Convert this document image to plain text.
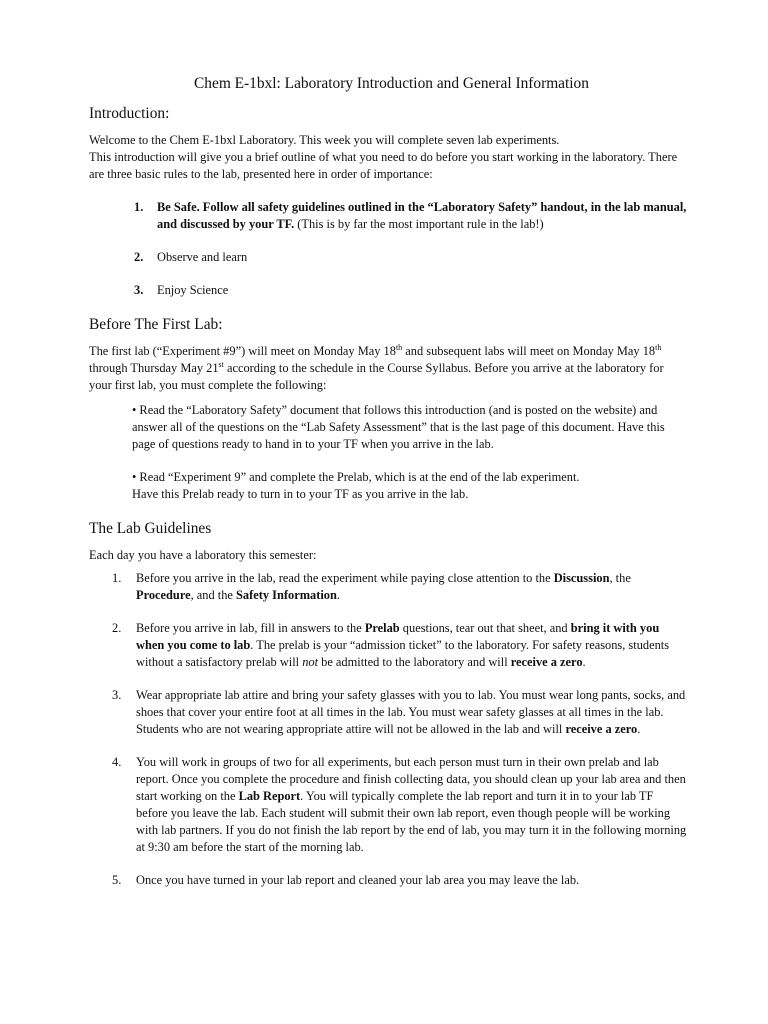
Chem E-1bxl: Laboratory Introduction and General Information
Introduction:

Welcome to the Chem E-1bxl Laboratory. This week you will complete seven lab experiments.

This introduction will give you a brief outline of what you need to do before you start working in the laboratory. There are three basic rules to the lab, presented here in order of importance:

1.	Be Safe. Follow all safety guidelines outlined in the “Laboratory Safety” handout, in the lab manual, and discussed by your TF. (This is by far the most important rule in the lab!)
2.	Observe and learn
3.	Enjoy Science
Before The First Lab:

The first lab (“Experiment #9”) will meet on Monday May 18th and subsequent labs will meet on Monday May 18th through Thursday May 21st according to the schedule in the Course Syllabus. Before you arrive at the laboratory for your first lab, you must complete the following:

• Read the “Laboratory Safety” document that follows this introduction (and is posted on the website) and answer all of the questions on the “Lab Safety Assessment” that is the last page of this document. Have this page of questions ready to hand in to your TF when you arrive in the lab.

• Read “Experiment 9” and complete the Prelab, which is at the end of the lab experiment.

Have this Prelab ready to turn in to your TF as you arrive in the lab.

The Lab Guidelines

Each day you have a laboratory this semester:

1.	Before you arrive in the lab, read the experiment while paying close attention to the Discussion, the Procedure, and the Safety Information.
2.	Before you arrive in lab, fill in answers to the Prelab questions, tear out that sheet, and bring it with you when you come to lab. The prelab is your “admission ticket” to the laboratory. For safety reasons, students without a satisfactory prelab will not be admitted to the laboratory and will receive a zero.
3.	Wear appropriate lab attire and bring your safety glasses with you to lab. You must wear long pants, socks, and shoes that cover your entire foot at all times in the lab. You must wear safety glasses at all times in the lab. Students who are not wearing appropriate attire will not be allowed in the lab and will receive a zero.
4.	You will work in groups of two for all experiments, but each person must turn in their own prelab and lab report. Once you complete the procedure and finish collecting data, you should clean up your lab area and then start working on the Lab Report. You will typically complete the lab report and turn it in to your lab TF before you leave the lab. Each student will submit their own lab report, even though people will be working with lab partners. If you do not finish the lab report by the end of lab, you may turn it in the following morning at 9:30 am before the start of the morning lab.
5.	Once you have turned in your lab report and cleaned your lab area you may leave the lab.
